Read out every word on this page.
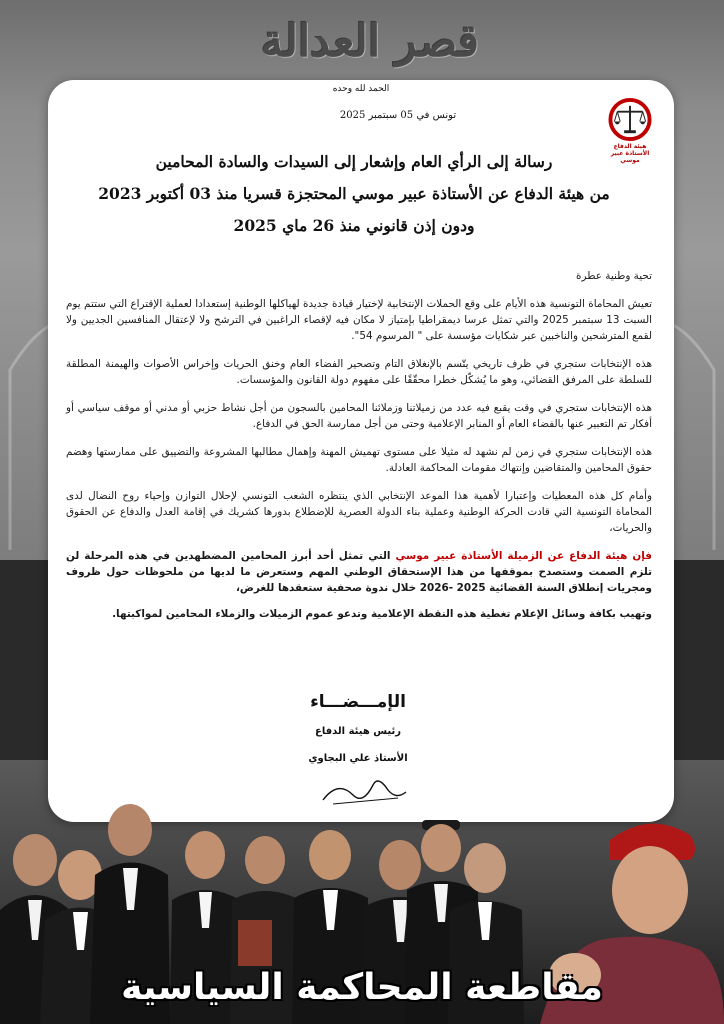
قصر العدالة
الحمد لله وحده
تونس في 05 سبتمبر 2025
هيئة الدفاع
الأستاذة عبير موسي
رسالة إلى الرأي العام وإشعار إلى السيدات والسادة المحامين
من هيئة الدفاع عن الأستاذة عبير موسي المحتجزة قسريا منذ 03 أكتوبر 2023
ودون إذن قانوني منذ 26 ماي 2025
تحية وطنية عطرة

تعيش المحاماة التونسية هذه الأيام على وقع الحملات الإنتخابية لإختيار قيادة جديدة لهياكلها الوطنية إستعدادا لعملية الإقتراع التي ستتم يوم السبت 13 سبتمبر 2025 والتي تمثل عرسا ديمقراطيا بإمتياز لا مكان فيه لإقصاء الراغبين في الترشح ولا لإعتقال المنافسين الجديين ولا لقمع المترشحين والناخبين عبر شكايات مؤسسة على " المرسوم 54".

هذه الإنتخابات ستجري في ظرف تاريخي يتّسم بالإنغلاق التام وتصحير الفضاء العام وخنق الحريات وإخراس الأصوات والهيمنة المطلقة للسلطة على المرفق القضائي، وهو ما يُشكّل خطرا محقّقًا على مفهوم دولة القانون والمؤسسات.

هذه الإنتخابات ستجري في وقت يقبع فيه عدد من زميلاتنا وزملائنا المحامين بالسجون من أجل نشاط حزبي أو مدني أو موقف سياسي أو أفكار تم التعبير عنها بالفضاء العام أو المنابر الإعلامية وحتى من أجل ممارسة الحق في الدفاع.

هذه الإنتخابات ستجري في زمن لم نشهد له مثيلا على مستوى تهميش المهنة وإهمال مطالبها المشروعة والتضييق على ممارستها وهضم حقوق المحامين والمتقاضين وإنتهاك مقومات المحاكمة العادلة.

وأمام كل هذه المعطيات وإعتبارا لأهمية هذا الموعد الإنتخابي الذي ينتظره الشعب التونسي لإحلال التوازن وإحياء روح النضال لدى المحاماة التونسية التي قادت الحركة الوطنية وعملية بناء الدولة العصرية للإضطلاع بدورها كشريك في إقامة العدل والدفاع عن الحقوق والحريات،

فإن هيئة الدفاع عن الزميلة الأستاذة عبير موسي التي تمثل أحد أبرز المحامين المضطهدين في هذه المرحلة لن تلزم الصمت وستصدح بموقفها من هذا الإستحقاق الوطني المهم وستعرض ما لديها من ملحوظات حول ظروف ومجريات إنطلاق السنة القضائية 2025 -2026 خلال ندوة صحفية ستعقدها للغرض،

وتهيب بكافة وسائل الإعلام تغطية هذه النقطة الإعلامية وتدعو عموم الزميلات والزملاء المحامين لمواكبتها.

الإمـــضـــاء
رئيس هيئة الدفاع
الأستاذ علي البجاوي
مقاطعة المحاكمة السياسية
